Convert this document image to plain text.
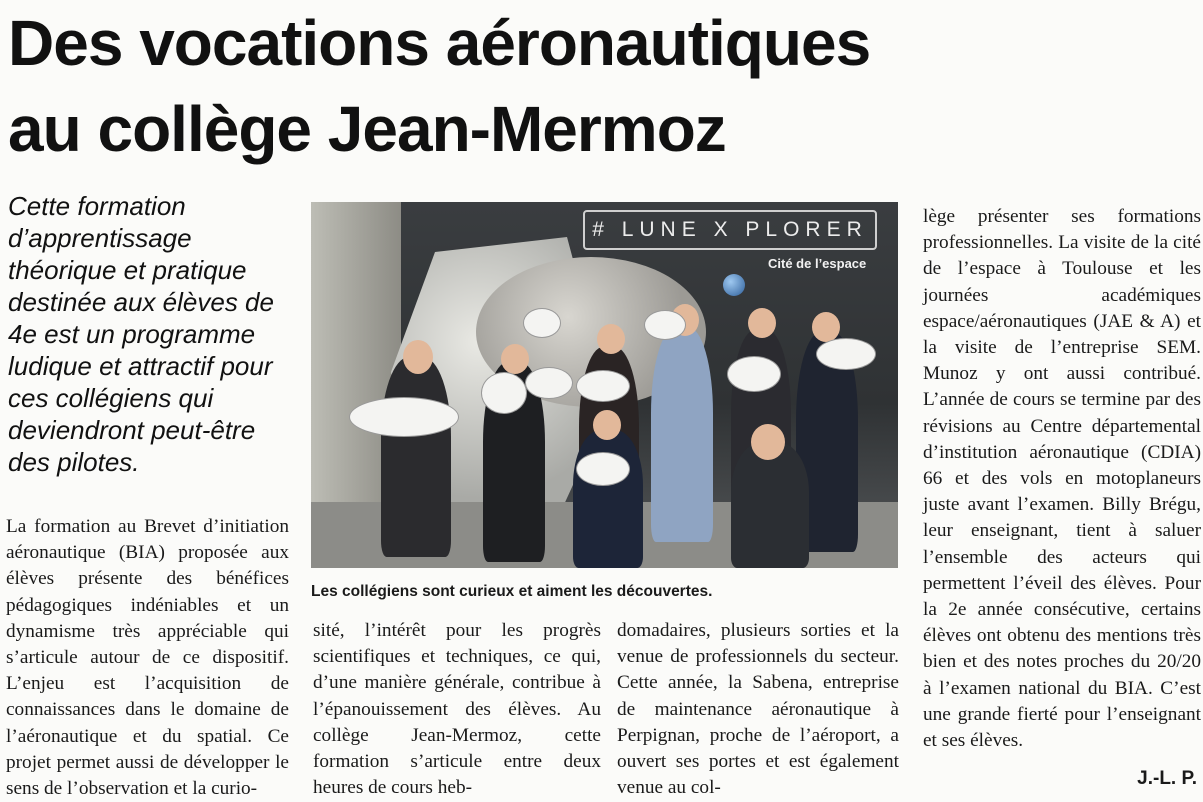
Des vocations aéronautiques
au collège Jean-Mermoz
Cette formation d’apprentissage théorique et pratique destinée aux élèves de 4e est un programme ludique et attractif pour ces collégiens qui deviendront peut-être des pilotes.
La formation au Brevet d’initiation aéronautique (BIA) proposée aux élèves présente des bénéfices pédagogiques indéniables et un dynamisme très appréciable qui s’articule autour de ce dispositif. L’enjeu est l’acquisition de connaissances dans le domaine de l’aéronautique et du spatial. Ce projet permet aussi de développer le sens de l’observation et la curio-
# LUNE X PLORER
Cité de l’espace
Les collégiens sont curieux et aiment les découvertes.
sité, l’intérêt pour les progrès scientifiques et techniques, ce qui, d’une manière générale, contribue à l’épanouissement des élèves. Au collège Jean-Mermoz, cette formation s’articule entre deux heures de cours heb-
domadaires, plusieurs sorties et la venue de professionnels du secteur. Cette année, la Sabena, entreprise de maintenance aéronautique à Perpignan, proche de l’aéroport, a ouvert ses portes et est également venue au col-
lège présenter ses formations professionnelles. La visite de la cité de l’espace à Toulouse et les journées académiques espace/aéronautiques (JAE & A) et la visite de l’entreprise SEM. Munoz y ont aussi contribué. L’année de cours se termine par des révisions au Centre départemental d’institution aéronautique (CDIA) 66 et des vols en motoplaneurs juste avant l’examen. Billy Brégu, leur enseignant, tient à saluer l’ensemble des acteurs qui permettent l’éveil des élèves. Pour la 2e année consécutive, certains élèves ont obtenu des mentions très bien et des notes proches du 20/20 à l’examen national du BIA. C’est une grande fierté pour l’enseignant et ses élèves.
J.-L. P.
